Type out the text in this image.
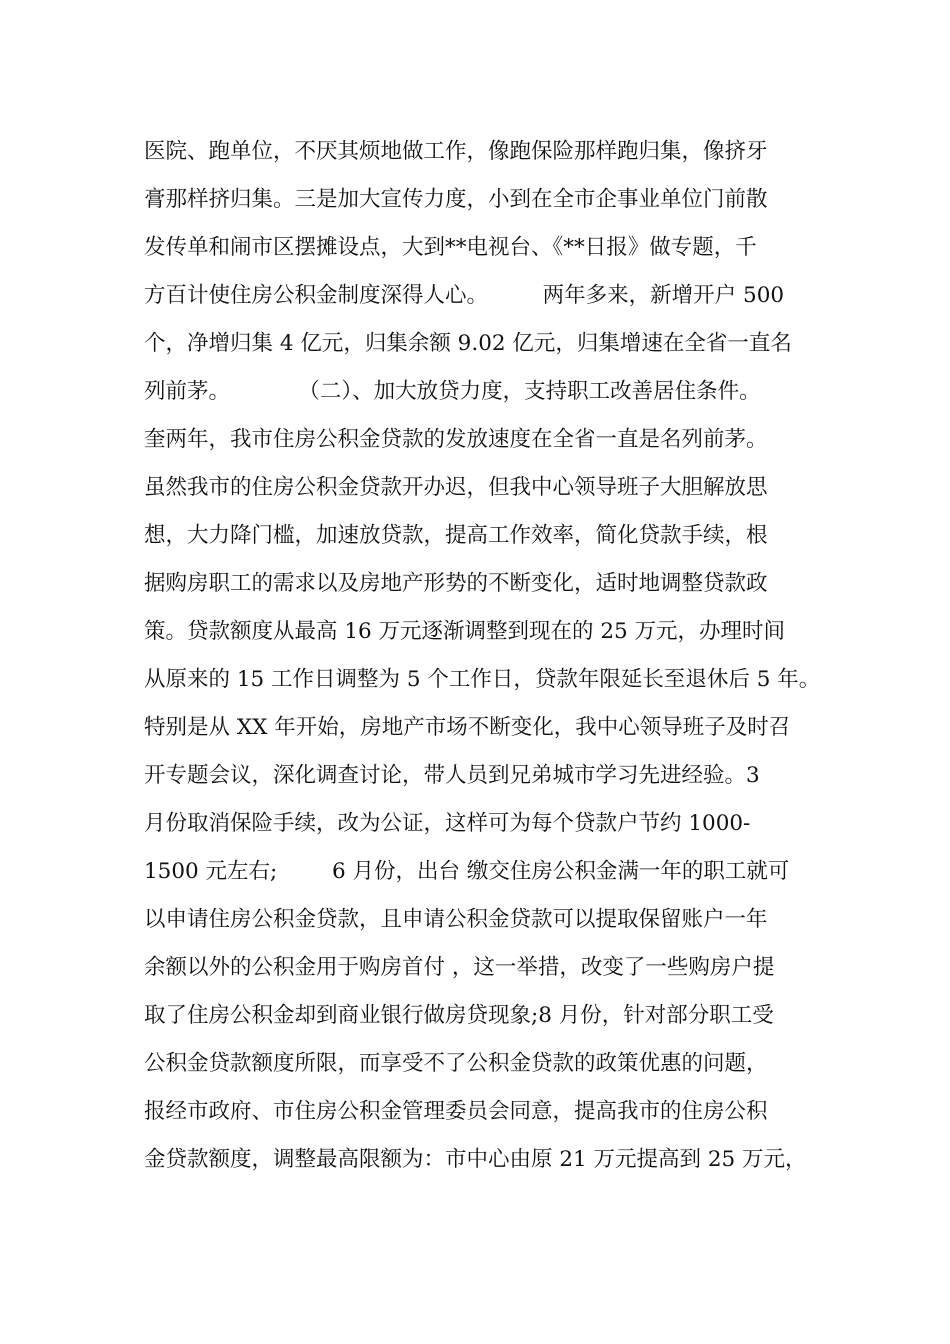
医院、跑单位，不厌其烦地做工作，像跑保险那样跑归集，像挤牙
膏那样挤归集。三是加大宣传力度，小到在全市企事业单位门前散
发传单和闹市区摆摊设点，大到**电视台、《**日报》做专题，千
方百计使住房公积金制度深得人心。        两年多来，新增开户 500
个，净增归集 4 亿元，归集余额 9.02 亿元，归集增速在全省一直名
列前茅。          （二）、加大放贷力度，支持职工改善居住条件。
奎两年，我市住房公积金贷款的发放速度在全省一直是名列前茅。
虽然我市的住房公积金贷款开办迟，但我中心领导班子大胆解放思
想，大力降门槛，加速放贷款，提高工作效率，简化贷款手续，根
据购房职工的需求以及房地产形势的不断变化，适时地调整贷款政
策。贷款额度从最高 16 万元逐渐调整到现在的 25 万元，办理时间
从原来的 15 工作日调整为 5 个工作日，贷款年限延长至退休后 5 年。
特别是从 XX 年开始，房地产市场不断变化，我中心领导班子及时召
开专题会议，深化调查讨论，带人员到兄弟城市学习先进经验。3
月份取消保险手续，改为公证，这样可为每个贷款户节约 1000-
1500 元左右;        6 月份，出台 缴交住房公积金满一年的职工就可
以申请住房公积金贷款，且申请公积金贷款可以提取保留账户一年
余额以外的公积金用于购房首付 ，这一举措，改变了一些购房户提
取了住房公积金却到商业银行做房贷现象;8 月份，针对部分职工受
公积金贷款额度所限，而享受不了公积金贷款的政策优惠的问题，
报经市政府、市住房公积金管理委员会同意，提高我市的住房公积
金贷款额度，调整最高限额为：市中心由原 21 万元提高到 25 万元，
